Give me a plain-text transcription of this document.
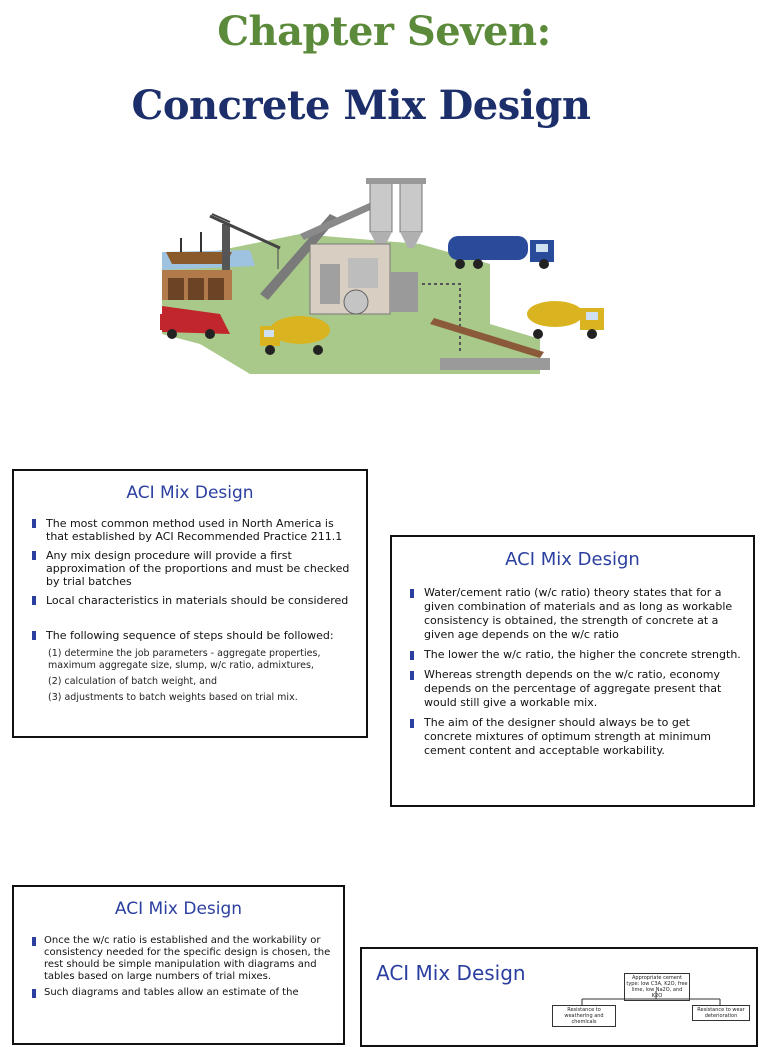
Chapter Seven:
Concrete Mix Design
ACI Mix Design
The most common method used in North America is that established by ACI Recommended Practice 211.1
Any mix design procedure will provide a first approximation of the proportions and must be checked by trial batches
Local characteristics in materials should be considered
The following sequence of steps should be followed:
(1) determine the job parameters - aggregate properties, maximum aggregate size, slump, w/c ratio, admixtures,
(2) calculation of batch weight, and
(3) adjustments to batch weights based on trial mix.
ACI Mix Design
Water/cement ratio (w/c ratio) theory states that for a given combination of materials and as long as workable consistency is obtained, the strength of concrete at a given age depends on the w/c ratio
The lower the w/c ratio, the higher the concrete strength.
Whereas strength depends on the w/c ratio, economy depends on the percentage of aggregate present that would still give a workable mix.
The aim of the designer should always be to get concrete mixtures of optimum strength at minimum cement content and acceptable workability.
ACI Mix Design
Once the w/c ratio is established and the workability or consistency needed for the specific design is chosen, the rest should be simple manipulation with diagrams and tables based on large numbers of trial mixes.
Such diagrams and tables allow an estimate of the
ACI Mix Design	Appropriate cement type: low C3A, K2O, free lime, low Na2O, and K2O
Resistance to weathering and chemicals
Resistance to wear deterioration
